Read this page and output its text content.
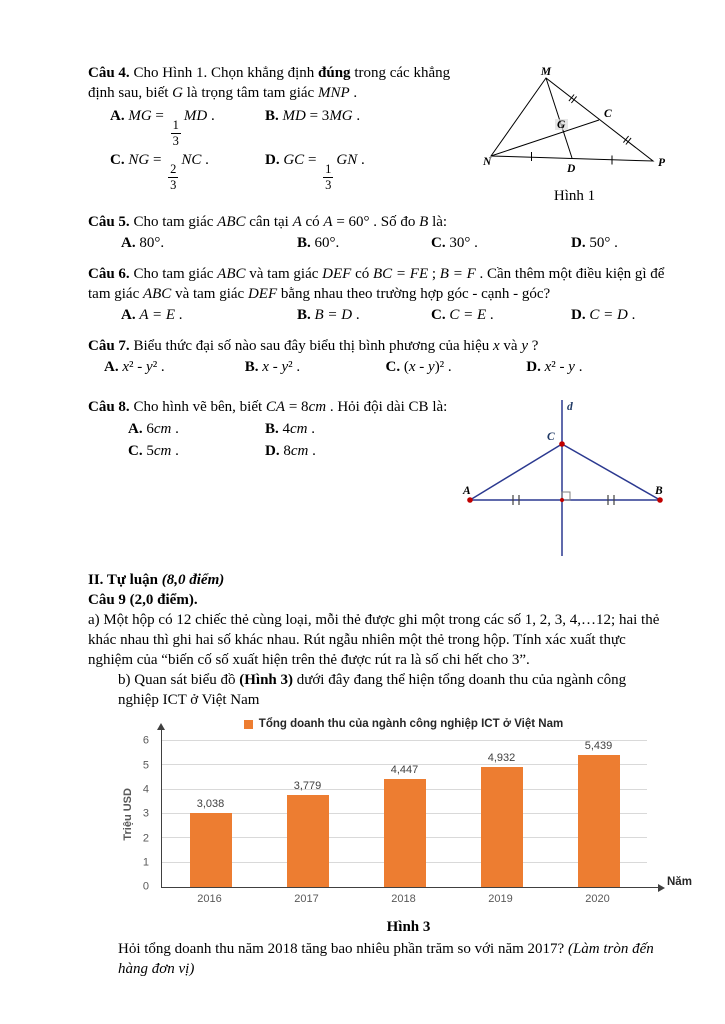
M
N	P
C
D
G
Hình 1

Câu 4. Cho Hình 1. Chọn khẳng định đúng trong các khẳng định sau, biết G là trọng tâm tam giác MNP .

A. MG =
$\frac{1}{3}$
MD .	B. MD = 3MG .
C. NG =
$\frac{2}{3}$
NC .	D. GC =
$\frac{1}{3}$
GN .

Câu 5. Cho tam giác ABC cân tại A có A = 60° . Số đo B là:

A. 80°.	B. 60°.	C. 30° .	D. 50° .

Câu 6. Cho tam giác ABC và tam giác DEF có BC = FE ; B = F . Cần thêm một điều kiện gì để tam giác ABC và tam giác DEF bằng nhau theo trường hợp góc - cạnh - góc?

A. A = E .	B. B = D .	C. C = E .	D. C = D .

Câu 7. Biểu thức đại số nào sau đây biểu thị bình phương của hiệu x và y ?

A. x² - y² .	B. x - y² .	C. (x - y)² .	D. x² - y .
d
C
A	B

Câu 8. Cho hình vẽ bên, biết CA = 8cm . Hỏi đội dài CB là:

A. 6cm .	B. 4cm .
C. 5cm .	D. 8cm .

II. Tự luận (8,0 điểm)

Câu 9 (2,0 điểm).

a) Một hộp có 12 chiếc thẻ cùng loại, mỗi thẻ được ghi một trong các số 1, 2, 3, 4,…12; hai thẻ khác nhau thì ghi hai số khác nhau. Rút ngẫu nhiên một thẻ trong hộp. Tính xác xuất thực nghiệm của “biến cố số xuất hiện trên thẻ được rút ra là số chi hết cho 3”.

b) Quan sát biểu đồ (Hình 3) dưới đây đang thể hiện tổng doanh thu của ngành công nghiệp ICT ở Việt Nam

Tổng doanh thu của ngành công nghiệp ICT ở Việt Nam
Triệu USD
0
1
2
3
4
5
6
3,038
3,779
4,447
4,932
5,439
2016	2017	2018	2019	2020
Năm
Hình 3

Hỏi tổng doanh thu năm 2018 tăng bao nhiêu phần trăm so với năm 2017? (Làm tròn đến hàng đơn vị)
